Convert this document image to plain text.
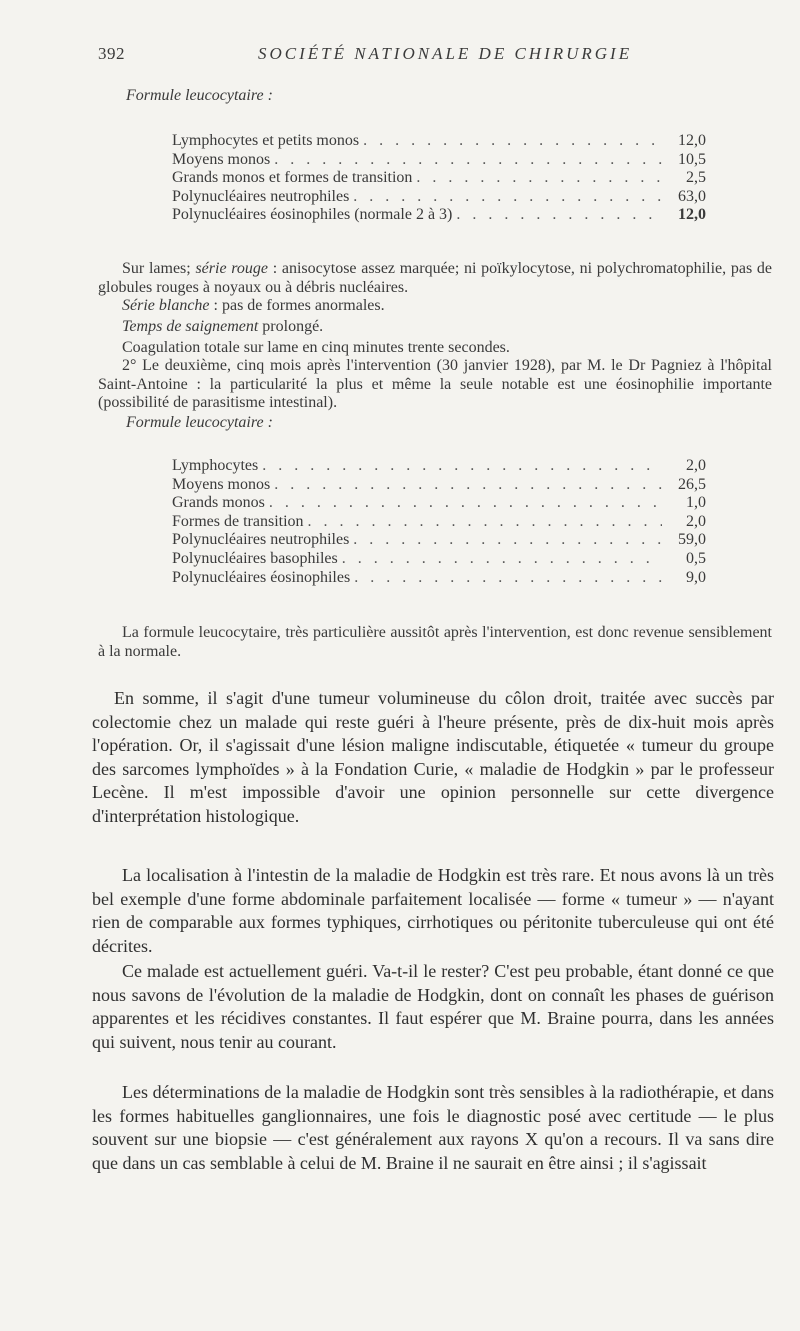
392	SOCIÉTÉ NATIONALE DE CHIRURGIE

Formule leucocytaire :

Lymphocytes et petits monos . . .	12,0
Moyens monos . . .	10,5
Grands monos et formes de transition . . .	2,5
Polynucléaires neutrophiles . . .	63,0
Polynucléaires éosinophiles (normale 2 à 3) . . .	12,0

Sur lames; série rouge : anisocytose assez marquée; ni poïkylocytose, ni polychromatophilie, pas de globules rouges à noyaux ou à débris nucléaires.

Série blanche : pas de formes anormales.

Temps de saignement prolongé.

Coagulation totale sur lame en cinq minutes trente secondes.

2° Le deuxième, cinq mois après l'intervention (30 janvier 1928), par M. le Dr Pagniez à l'hôpital Saint-Antoine : la particularité la plus et même la seule notable est une éosinophilie importante (possibilité de parasitisme intestinal).

Formule leucocytaire :

Lymphocytes . . .	2,0
Moyens monos . . .	26,5
Grands monos . . .	1,0
Formes de transition . . .	2,0
Polynucléaires neutrophiles . . .	59,0
Polynucléaires basophiles . . .	0,5
Polynucléaires éosinophiles . . .	9,0

La formule leucocytaire, très particulière aussitôt après l'intervention, est donc revenue sensiblement à la normale.

En somme, il s'agit d'une tumeur volumineuse du côlon droit, traitée avec succès par colectomie chez un malade qui reste guéri à l'heure présente, près de dix-huit mois après l'opération. Or, il s'agissait d'une lésion maligne indiscutable, étiquetée « tumeur du groupe des sarcomes lymphoïdes » à la Fondation Curie, « maladie de Hodgkin » par le professeur Lecène. Il m'est impossible d'avoir une opinion personnelle sur cette divergence d'interprétation histologique.

La localisation à l'intestin de la maladie de Hodgkin est très rare. Et nous avons là un très bel exemple d'une forme abdominale parfaitement localisée — forme « tumeur » — n'ayant rien de comparable aux formes typhiques, cirrhotiques ou péritonite tuberculeuse qui ont été décrites.

Ce malade est actuellement guéri. Va-t-il le rester? C'est peu probable, étant donné ce que nous savons de l'évolution de la maladie de Hodgkin, dont on connaît les phases de guérison apparentes et les récidives constantes. Il faut espérer que M. Braine pourra, dans les années qui suivent, nous tenir au courant.

Les déterminations de la maladie de Hodgkin sont très sensibles à la radiothérapie, et dans les formes habituelles ganglionnaires, une fois le diagnostic posé avec certitude — le plus souvent sur une biopsie — c'est généralement aux rayons X qu'on a recours. Il va sans dire que dans un cas semblable à celui de M. Braine il ne saurait en être ainsi ; il s'agissait
